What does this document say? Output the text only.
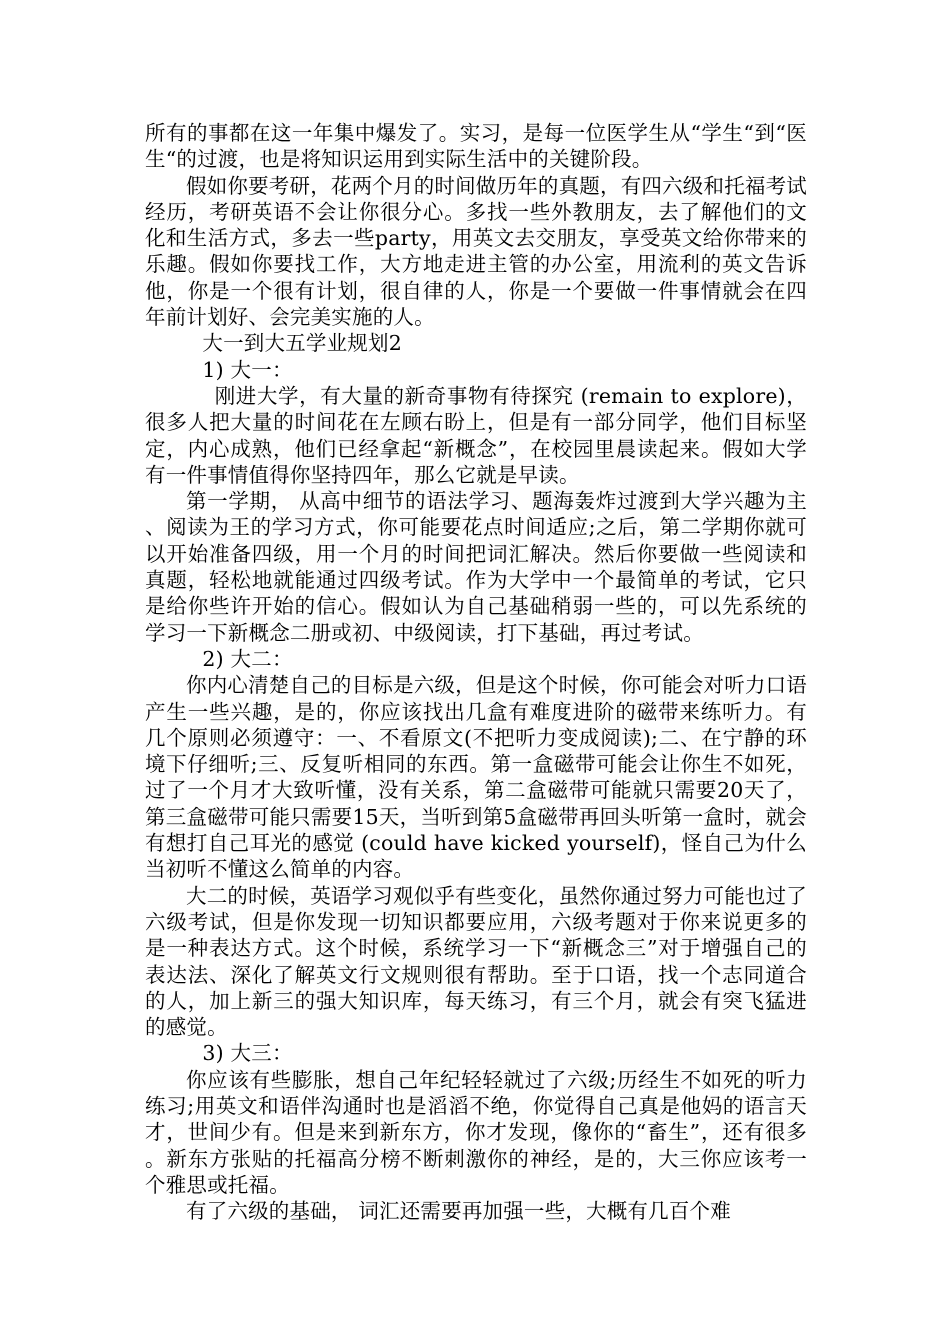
所有的事都在这一年集中爆发了。实习，是每一位医学生从“学生“到“医生“的过渡，也是将知识运用到实际生活中的关键阶段。

假如你要考研，花两个月的时间做历年的真题，有四六级和托福考试经历，考研英语不会让你很分心。多找一些外教朋友，去了解他们的文化和生活方式，多去一些party，用英文去交朋友，享受英文给你带来的乐趣。假如你要找工作，大方地走进主管的办公室，用流利的英文告诉他，你是一个很有计划，很自律的人，你是一个要做一件事情就会在四年前计划好、会完美实施的人。

大一到大五学业规划2

1) 大一：

刚进大学，有大量的新奇事物有待探究 (remain to explore)，很多人把大量的时间花在左顾右盼上，但是有一部分同学，他们目标坚定，内心成熟，他们已经拿起“新概念”，在校园里晨读起来。假如大学有一件事情值得你坚持四年，那么它就是早读。

第一学期， 从高中细节的语法学习、题海轰炸过渡到大学兴趣为主、阅读为王的学习方式，你可能要花点时间适应;之后，第二学期你就可以开始准备四级，用一个月的时间把词汇解决。然后你要做一些阅读和真题，轻松地就能通过四级考试。作为大学中一个最简单的考试，它只是给你些许开始的信心。假如认为自己基础稍弱一些的，可以先系统的学习一下新概念二册或初、中级阅读，打下基础，再过考试。

2) 大二：

你内心清楚自己的目标是六级，但是这个时候，你可能会对听力口语产生一些兴趣，是的，你应该找出几盒有难度进阶的磁带来练听力。有几个原则必须遵守：一、不看原文(不把听力变成阅读);二、在宁静的环境下仔细听;三、反复听相同的东西。第一盒磁带可能会让你生不如死，过了一个月才大致听懂，没有关系，第二盒磁带可能就只需要20天了，第三盒磁带可能只需要15天，当听到第5盒磁带再回头听第一盒时，就会有想打自己耳光的感觉 (could have kicked yourself)，怪自己为什么当初听不懂这么简单的内容。

大二的时候，英语学习观似乎有些变化，虽然你通过努力可能也过了六级考试，但是你发现一切知识都要应用，六级考题对于你来说更多的是一种表达方式。这个时候，系统学习一下“新概念三”对于增强自己的表达法、深化了解英文行文规则很有帮助。至于口语，找一个志同道合的人，加上新三的强大知识库，每天练习，有三个月，就会有突飞猛进的感觉。

3) 大三：

你应该有些膨胀，想自己年纪轻轻就过了六级;历经生不如死的听力练习;用英文和语伴沟通时也是滔滔不绝，你觉得自己真是他妈的语言天才，世间少有。但是来到新东方，你才发现，像你的“畜生”，还有很多。新东方张贴的托福高分榜不断刺激你的神经，是的，大三你应该考一个雅思或托福。

有了六级的基础， 词汇还需要再加强一些，大概有几百个难
